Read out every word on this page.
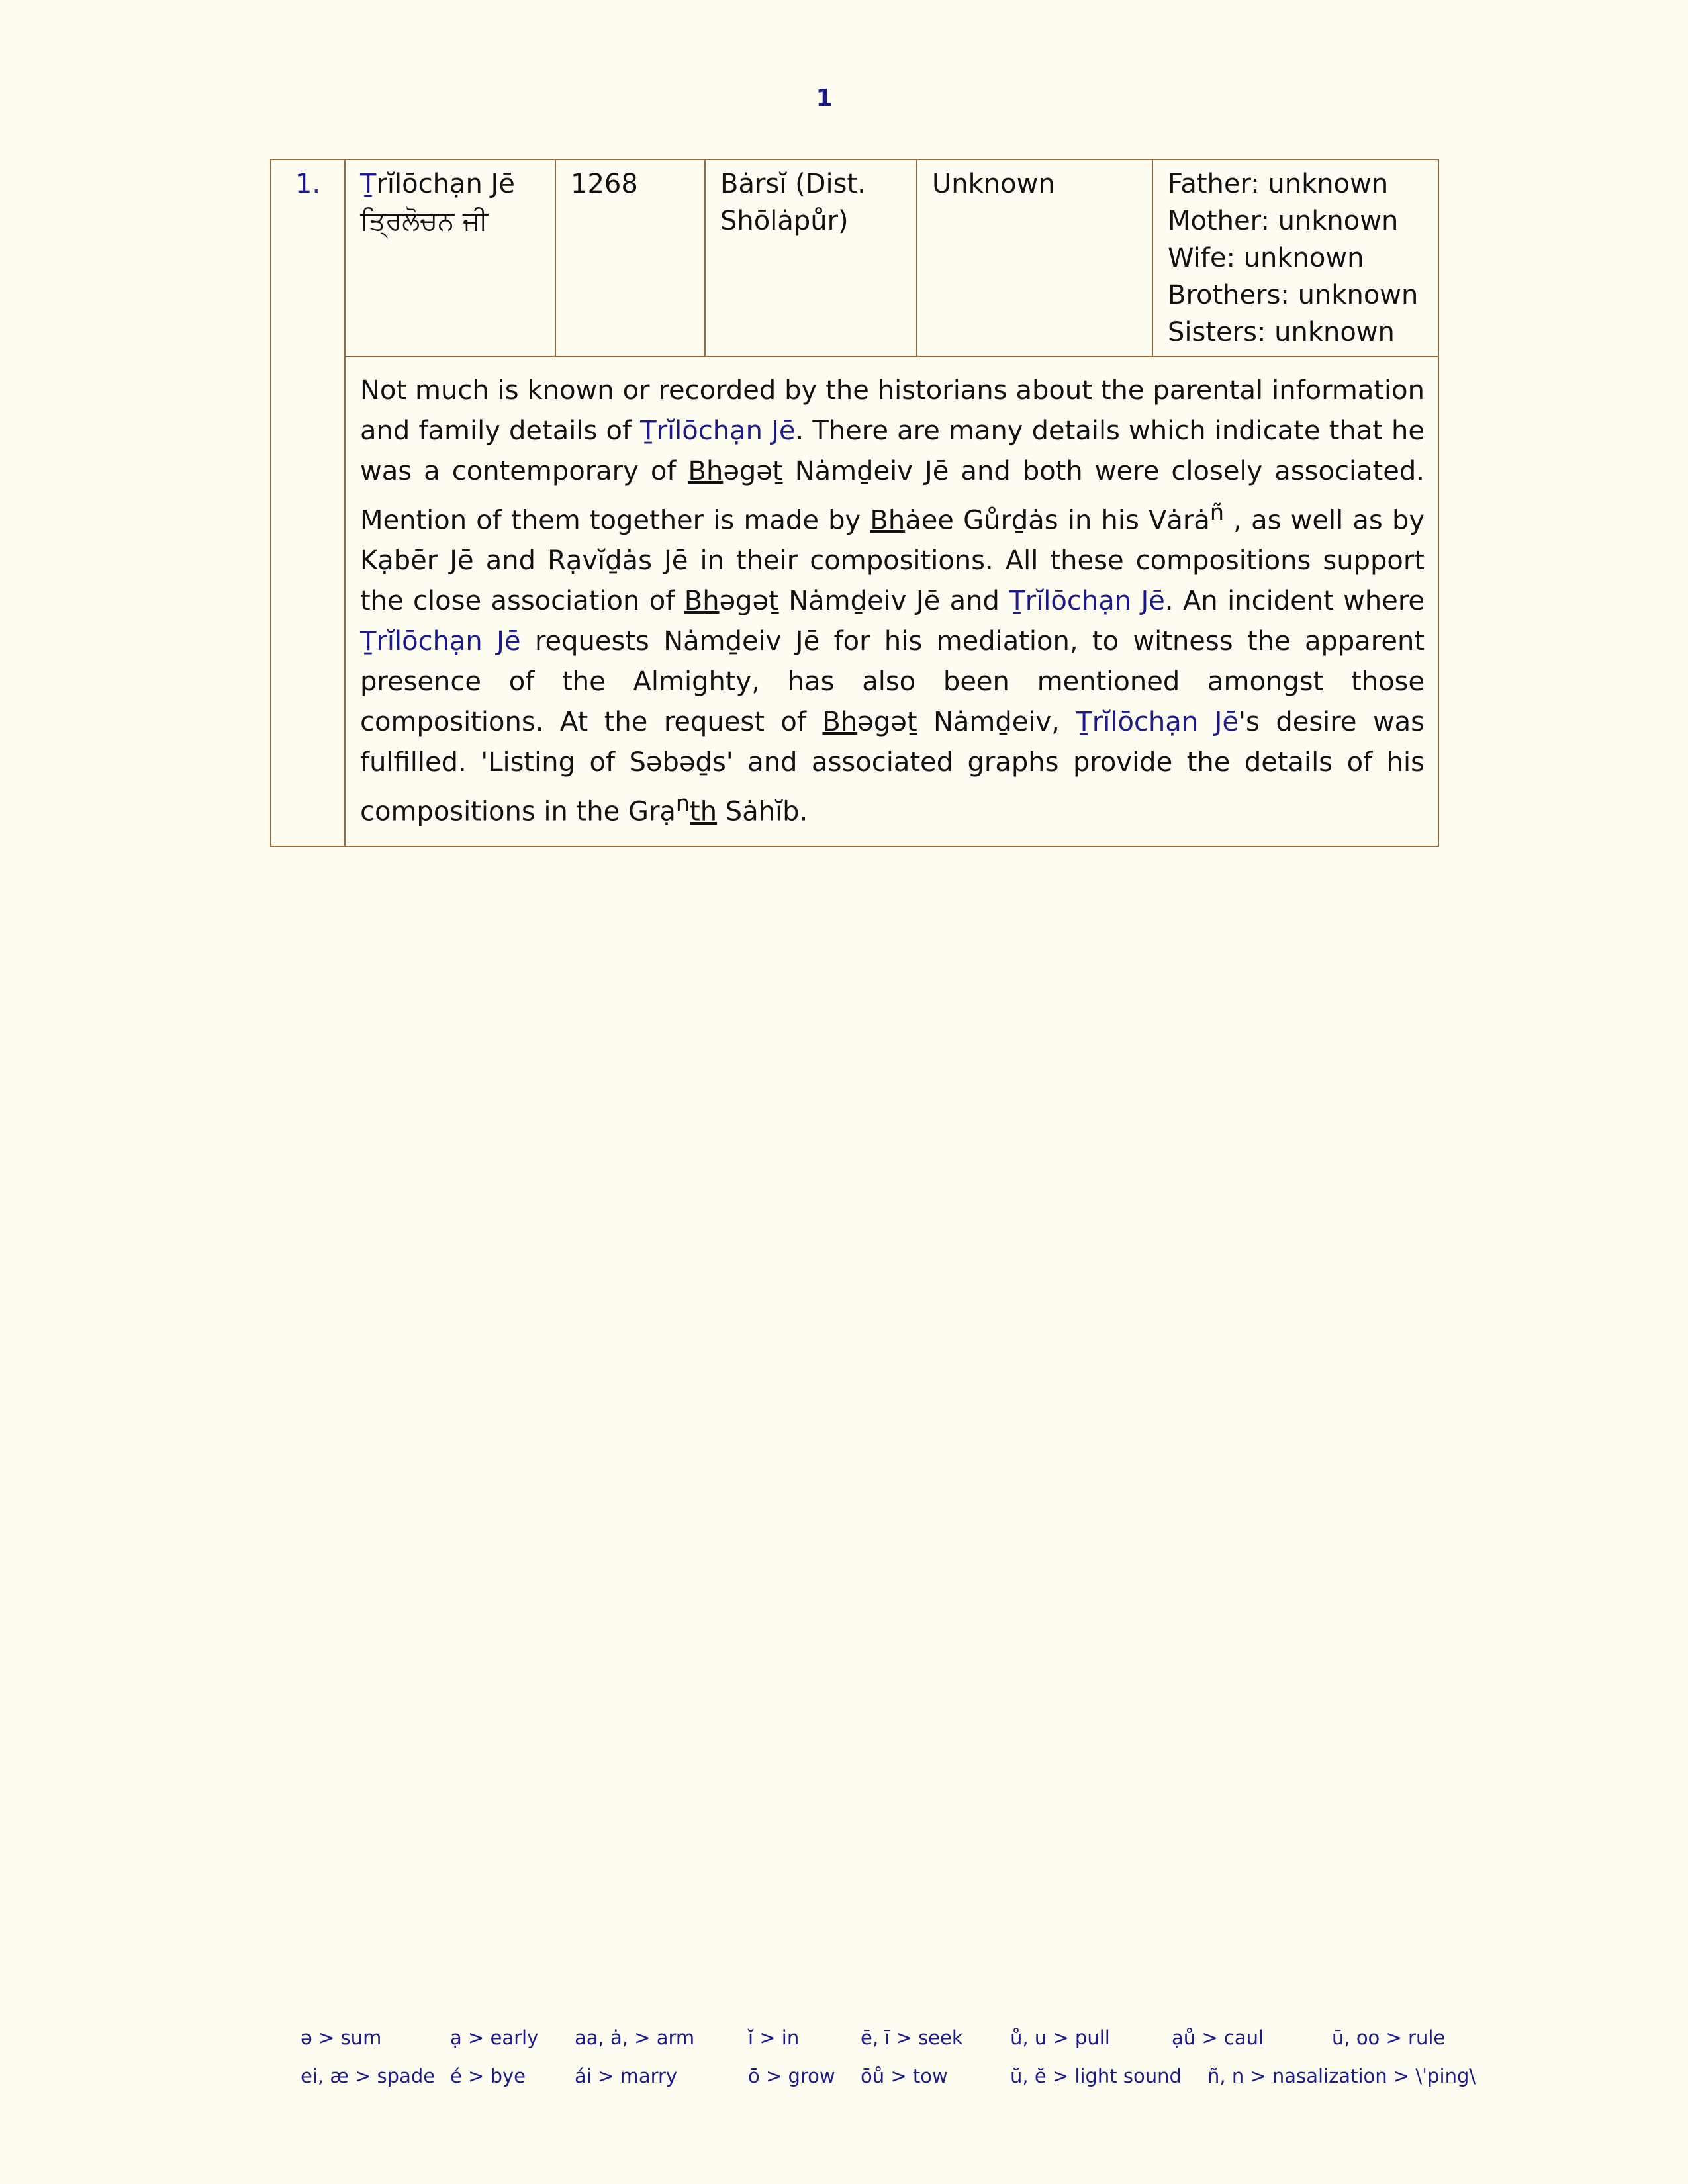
1
1.	Ṯrĭlōchạn Jē
ਤ੍ਰਿਲੋਚਨ ਜੀ
	1268	Bȧrsĭ (Dist.
Shōlȧpůr)
	Unknown	Father: unknown
Mother: unknown
Wife: unknown
Brothers: unknown
Sisters: unknown

Not much is known or recorded by the historians about the parental information and family details of Ṯrĭlōchạn Jē. There are many details which indicate that he was a contemporary of Bhəgəṯ Nȧmḏeiv Jē and both were closely associated. Mention of them together is made by Bhȧee Gůrḏȧs in his Vȧrȧ$^ñ$ , as well as by Kạbēr Jē and Rạvĭḏȧs Jē in their compositions. All these compositions support the close association of Bhəgəṯ Nȧmḏeiv Jē and Ṯrĭlōchạn Jē. An incident where Ṯrĭlōchạn Jē requests Nȧmḏeiv Jē for his mediation, to witness the apparent presence of the Almighty, has also been mentioned amongst those compositions. At the request of Bhəgəṯ Nȧmḏeiv, Ṯrĭlōchạn Jē's desire was fulfilled. 'Listing of Səbəḏs' and associated graphs provide the details of his compositions in the Grạ$^n$th Sȧhĭb.
ə > sum	ạ > early aa, ȧ, > arm	ĭ > in	ē, ī > seek ů, u > pull	ạů > caul	ū, oo > rule
ei, æ > spade é > bye	ái > marry	ō > grow ōů > tow	ŭ, ĕ > light sound ñ, n > nasalization > \ˈping\
